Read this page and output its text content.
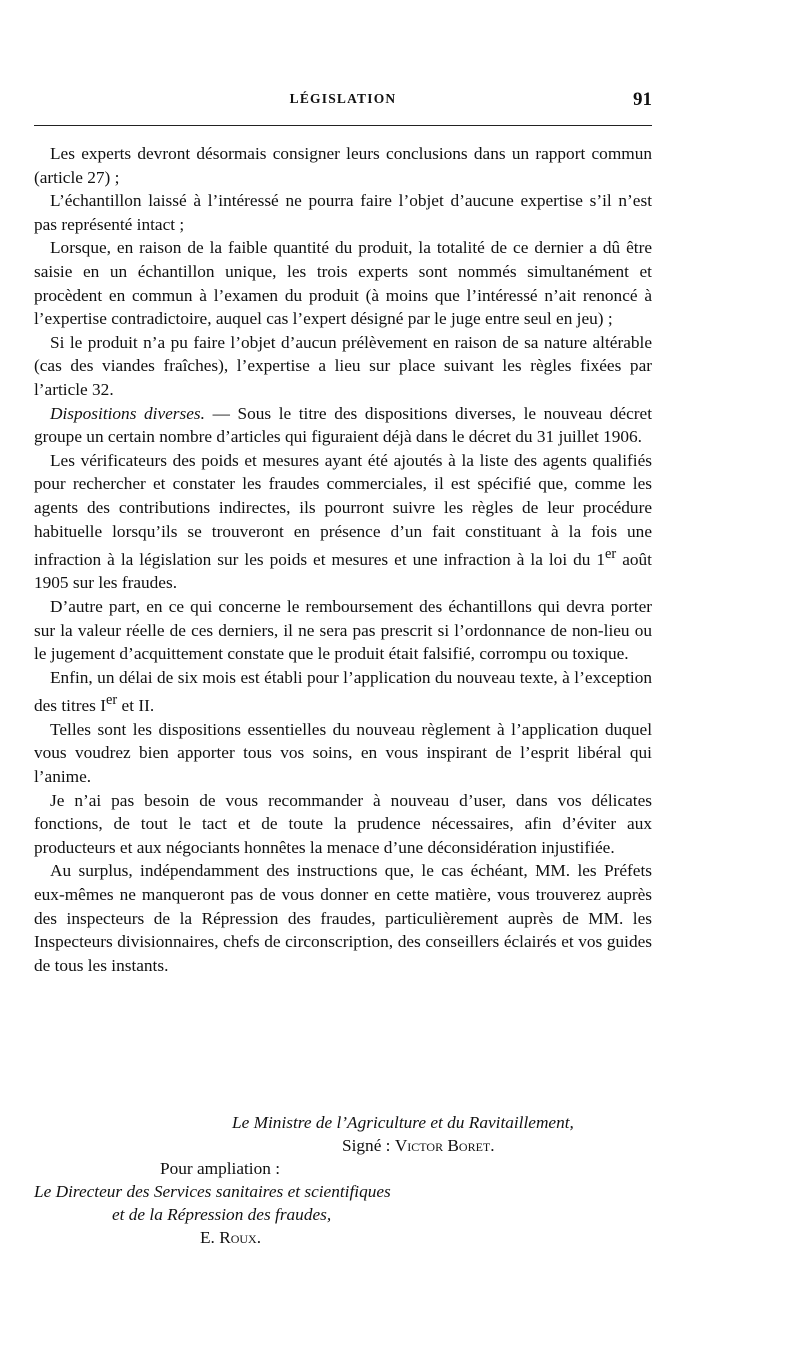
LÉGISLATION	91

Les experts devront désormais consigner leurs conclusions dans un rapport commun (article 27) ;

L’échantillon laissé à l’intéressé ne pourra faire l’objet d’aucune expertise s’il n’est pas représenté intact ;

Lorsque, en raison de la faible quantité du produit, la totalité de ce dernier a dû être saisie en un échantillon unique, les trois experts sont nommés simultanément et procèdent en commun à l’examen du produit (à moins que l’intéressé n’ait renoncé à l’expertise contradictoire, auquel cas l’expert désigné par le juge entre seul en jeu) ;

Si le produit n’a pu faire l’objet d’aucun prélèvement en raison de sa nature altérable (cas des viandes fraîches), l’expertise a lieu sur place suivant les règles fixées par l’article 32.

Dispositions diverses. — Sous le titre des dispositions diverses, le nouveau décret groupe un certain nombre d’articles qui figuraient déjà dans le décret du 31 juillet 1906.

Les vérificateurs des poids et mesures ayant été ajoutés à la liste des agents qualifiés pour rechercher et constater les fraudes commerciales, il est spécifié que, comme les agents des contributions indirectes, ils pourront suivre les règles de leur procédure habituelle lorsqu’ils se trouveront en présence d’un fait constituant à la fois une infraction à la législation sur les poids et mesures et une infraction à la loi du 1er août 1905 sur les fraudes.

D’autre part, en ce qui concerne le remboursement des échantillons qui devra porter sur la valeur réelle de ces derniers, il ne sera pas prescrit si l’ordonnance de non-lieu ou le jugement d’acquittement constate que le produit était falsifié, corrompu ou toxique.

Enfin, un délai de six mois est établi pour l’application du nouveau texte, à l’exception des titres Ier et II.

Telles sont les dispositions essentielles du nouveau règlement à l’application duquel vous voudrez bien apporter tous vos soins, en vous inspirant de l’esprit libéral qui l’anime.

Je n’ai pas besoin de vous recommander à nouveau d’user, dans vos délicates fonctions, de tout le tact et de toute la prudence nécessaires, afin d’éviter aux producteurs et aux négociants honnêtes la menace d’une déconsidération injustifiée.

Au surplus, indépendamment des instructions que, le cas échéant, MM. les Préfets eux-mêmes ne manqueront pas de vous donner en cette matière, vous trouverez auprès des inspecteurs de la Répression des fraudes, particulièrement auprès de MM. les Inspecteurs divisionnaires, chefs de circonscription, des conseillers éclairés et vos guides de tous les instants.

Le Ministre de l’Agriculture et du Ravitaillement,
Signé : Victor Boret.
Pour ampliation :
Le Directeur des Services sanitaires et scientifiques
et de la Répression des fraudes,
E. Roux.
